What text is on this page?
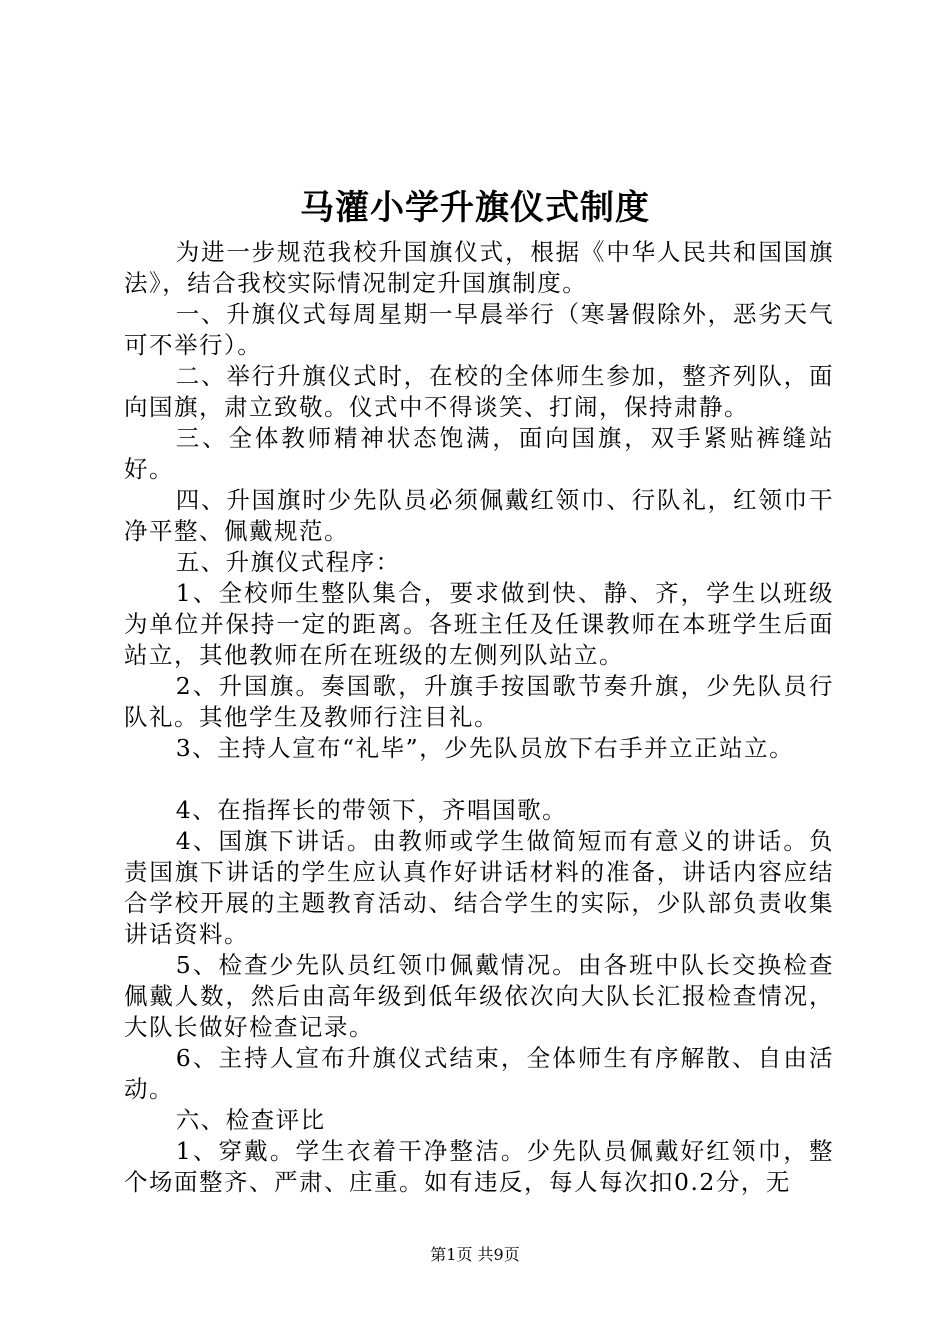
马灌小学升旗仪式制度

为进一步规范我校升国旗仪式，根据《中华人民共和国国旗法》，结合我校实际情况制定升国旗制度。

一、升旗仪式每周星期一早晨举行（寒暑假除外，恶劣天气可不举行）。

二、举行升旗仪式时，在校的全体师生参加，整齐列队，面向国旗，肃立致敬。仪式中不得谈笑、打闹，保持肃静。

三、全体教师精神状态饱满，面向国旗，双手紧贴裤缝站好。

四、升国旗时少先队员必须佩戴红领巾、行队礼，红领巾干净平整、佩戴规范。

五、升旗仪式程序：

1、全校师生整队集合，要求做到快、静、齐，学生以班级为单位并保持一定的距离。各班主任及任课教师在本班学生后面站立，其他教师在所在班级的左侧列队站立。

2、升国旗。奏国歌，升旗手按国歌节奏升旗，少先队员行队礼。其他学生及教师行注目礼。

3、主持人宣布“礼毕”，少先队员放下右手并立正站立。

4、在指挥长的带领下，齐唱国歌。

4、国旗下讲话。由教师或学生做简短而有意义的讲话。负责国旗下讲话的学生应认真作好讲话材料的准备，讲话内容应结合学校开展的主题教育活动、结合学生的实际，少队部负责收集讲话资料。

5、检查少先队员红领巾佩戴情况。由各班中队长交换检查佩戴人数，然后由高年级到低年级依次向大队长汇报检查情况，大队长做好检查记录。

6、主持人宣布升旗仪式结束，全体师生有序解散、自由活动。

六、检查评比

1、穿戴。学生衣着干净整洁。少先队员佩戴好红领巾，整个场面整齐、严肃、庄重。如有违反，每人每次扣0.2分，无

第1页 共9页
